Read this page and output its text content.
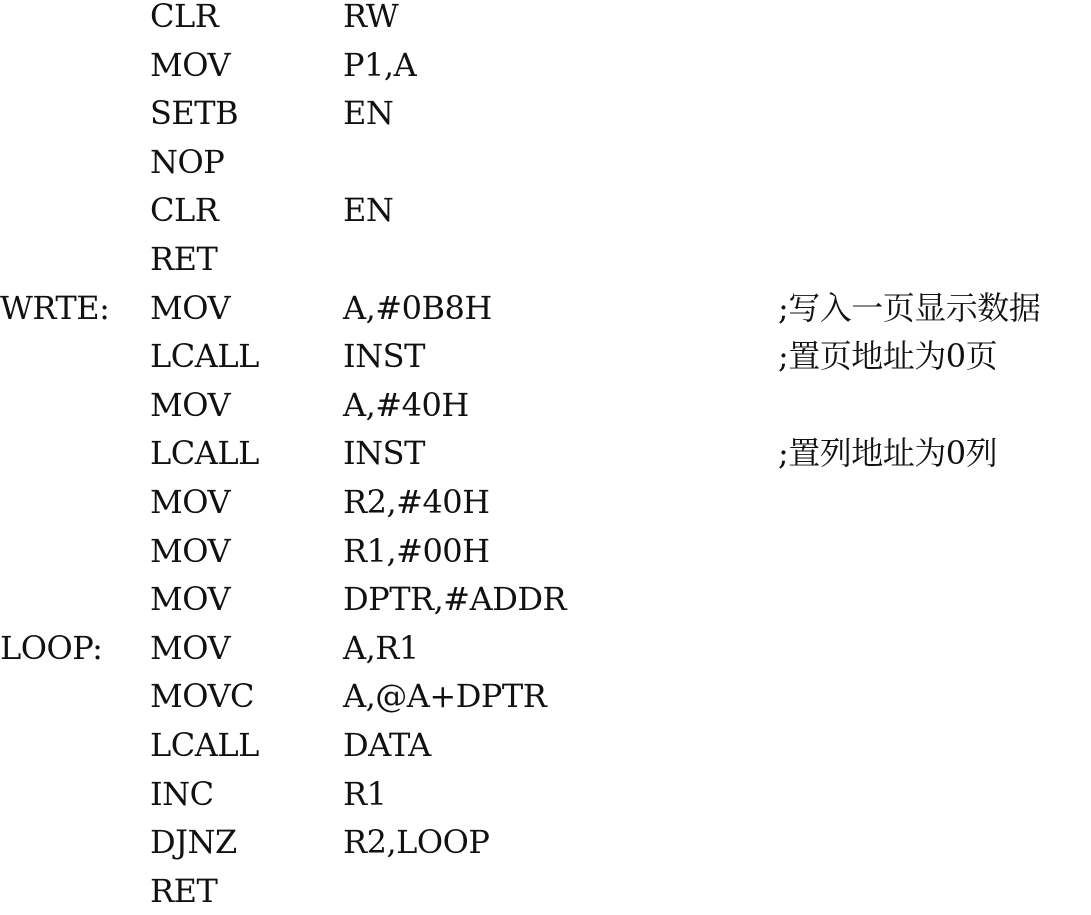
CLR	RW
MOV	P1,A
SETB	EN
NOP
CLR	EN
RET
WRTE: MOV	A,#0B8H	;写入一页显示数据
LCALL	INST	;置页地址为0页
MOV	A,#40H
LCALL	INST	;置列地址为0列
MOV	R2,#40H
MOV	R1,#00H
MOV	DPTR,#ADDR
LOOP: MOV	A,R1
MOVC	A,@A+DPTR
LCALL	DATA
INC	R1
DJNZ	R2,LOOP
RET
